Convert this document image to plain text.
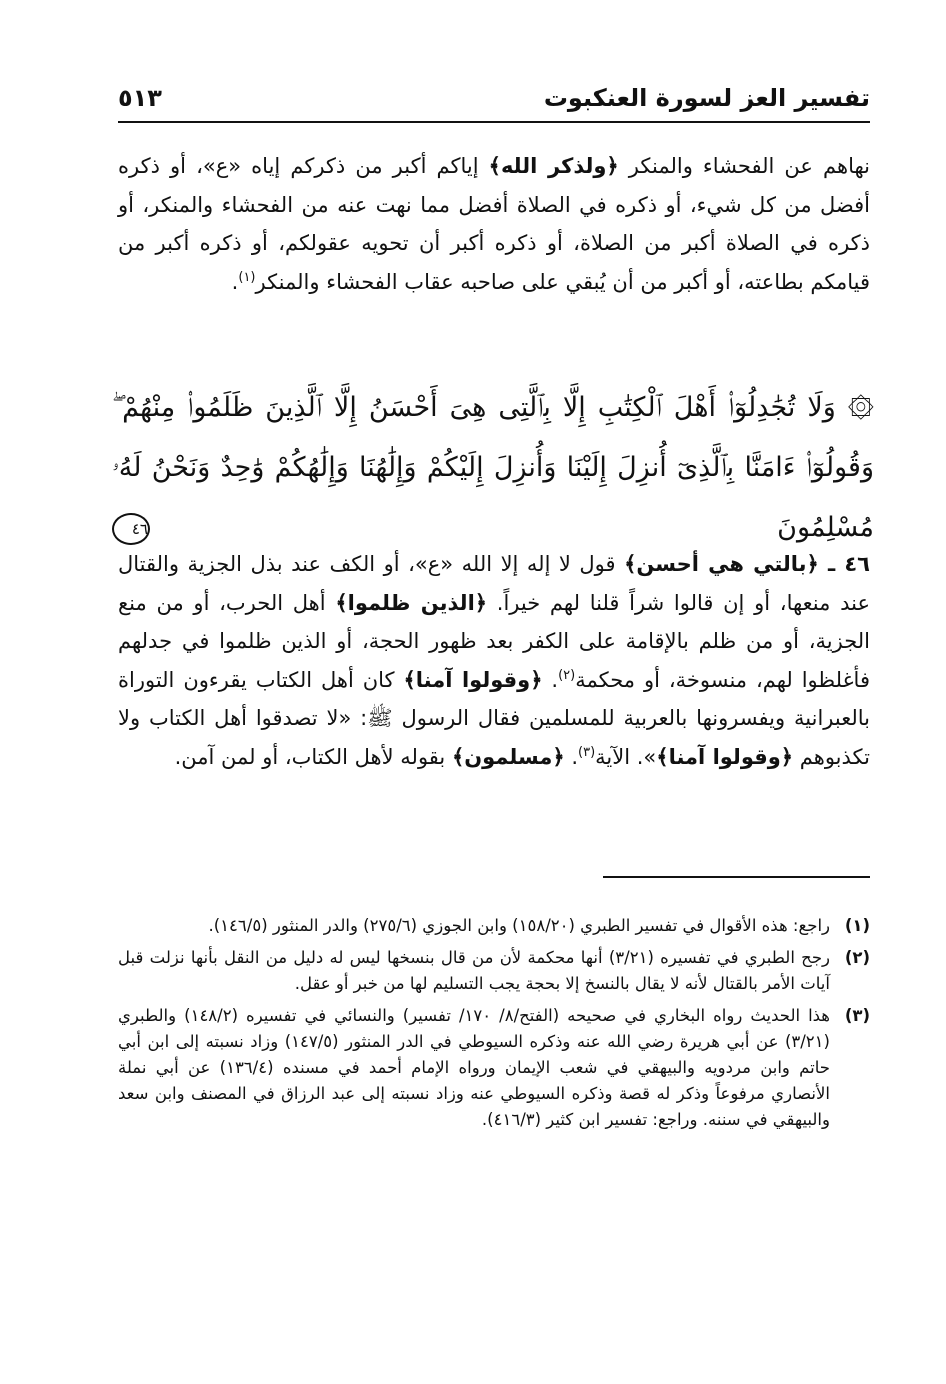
تفسير العز لسورة العنكبوت
٥١٣
نهاهم عن الفحشاء والمنكر ﴿ولذكر الله﴾ إياكم أكبر من ذكركم إياه «ع»، أو ذكره أفضل من كل شيء، أو ذكره في الصلاة أفضل مما نهت عنه من الفحشاء والمنكر، أو ذكره في الصلاة أكبر من الصلاة، أو ذكره أكبر أن تحويه عقولكم، أو ذكره أكبر من قيامكم بطاعته، أو أكبر من أن يُبقي على صاحبه عقاب الفحشاء والمنكر$^{(١)}$.
۞ وَلَا تُجَٰدِلُوٓا۟ أَهْلَ ٱلْكِتَٰبِ إِلَّا بِٱلَّتِى هِىَ أَحْسَنُ إِلَّا ٱلَّذِينَ ظَلَمُوا۟ مِنْهُمْ ۖ وَقُولُوٓا۟ ءَامَنَّا بِٱلَّذِىٓ أُنزِلَ إِلَيْنَا وَأُنزِلَ إِلَيْكُمْ وَإِلَٰهُنَا وَإِلَٰهُكُمْ وَٰحِدٌ وَنَحْنُ لَهُۥ مُسْلِمُونَ ٤٦
٤٦ ـ ﴿بالتي هي أحسن﴾ قول لا إله إلا الله «ع»، أو الكف عند بذل الجزية والقتال عند منعها، أو إن قالوا شراً قلنا لهم خيراً. ﴿الذين ظلموا﴾ أهل الحرب، أو من منع الجزية، أو من ظلم بالإقامة على الكفر بعد ظهور الحجة، أو الذين ظلموا في جدلهم فأغلظوا لهم، منسوخة، أو محكمة$^{(٢)}$. ﴿وقولوا آمنا﴾ كان أهل الكتاب يقرءون التوراة بالعبرانية ويفسرونها بالعربية للمسلمين فقال الرسول ﷺ: «لا تصدقوا أهل الكتاب ولا تكذبوهم ﴿وقولوا آمنا﴾». الآية$^{(٣)}$. ﴿مسلمون﴾ بقوله لأهل الكتاب، أو لمن آمن.
(١)
راجع: هذه الأقوال في تفسير الطبري (١٥٨/٢٠) وابن الجوزي (٢٧٥/٦) والدر المنثور (١٤٦/٥).
(٢)
رجح الطبري في تفسيره (٣/٢١) أنها محكمة لأن من قال بنسخها ليس له دليل من النقل بأنها نزلت قبل آيات الأمر بالقتال لأنه لا يقال بالنسخ إلا بحجة يجب التسليم لها من خبر أو عقل.
(٣)
هذا الحديث رواه البخاري في صحيحه (الفتح/٨/ ١٧٠/ تفسير) والنسائي في تفسيره (١٤٨/٢) والطبري (٣/٢١) عن أبي هريرة رضي الله عنه وذكره السيوطي في الدر المنثور (١٤٧/٥) وزاد نسبته إلى ابن أبي حاتم وابن مردويه والبيهقي في شعب الإيمان ورواه الإمام أحمد في مسنده (١٣٦/٤) عن أبي نملة الأنصاري مرفوعاً وذكر له قصة وذكره السيوطي عنه وزاد نسبته إلى عبد الرزاق في المصنف وابن سعد والبيهقي في سننه. وراجع: تفسير ابن كثير (٤١٦/٣).
